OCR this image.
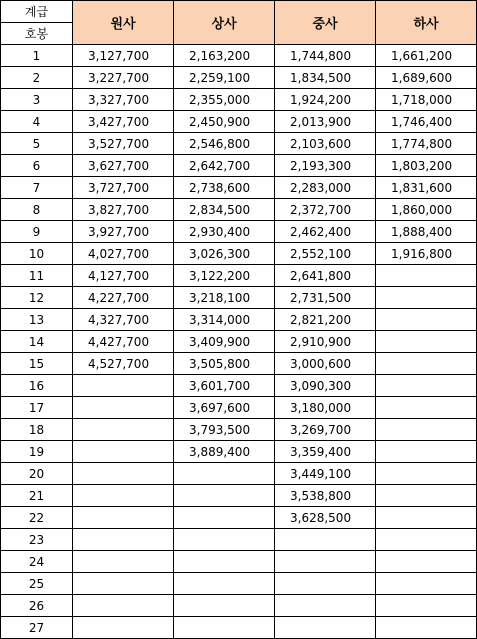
계급	원사	상사	중사	하사
호봉				
1	3,127,700	2,163,200	1,744,800	1,661,200
2	3,227,700	2,259,100	1,834,500	1,689,600
3	3,327,700	2,355,000	1,924,200	1,718,000
4	3,427,700	2,450,900	2,013,900	1,746,400
5	3,527,700	2,546,800	2,103,600	1,774,800
6	3,627,700	2,642,700	2,193,300	1,803,200
7	3,727,700	2,738,600	2,283,000	1,831,600
8	3,827,700	2,834,500	2,372,700	1,860,000
9	3,927,700	2,930,400	2,462,400	1,888,400
10	4,027,700	3,026,300	2,552,100	1,916,800
11	4,127,700	3,122,200	2,641,800	
12	4,227,700	3,218,100	2,731,500	
13	4,327,700	3,314,000	2,821,200	
14	4,427,700	3,409,900	2,910,900	
15	4,527,700	3,505,800	3,000,600	
16		3,601,700	3,090,300	
17		3,697,600	3,180,000	
18		3,793,500	3,269,700	
19		3,889,400	3,359,400	
20			3,449,100	
21			3,538,800	
22			3,628,500	
23				
24				
25				
26				
27				
